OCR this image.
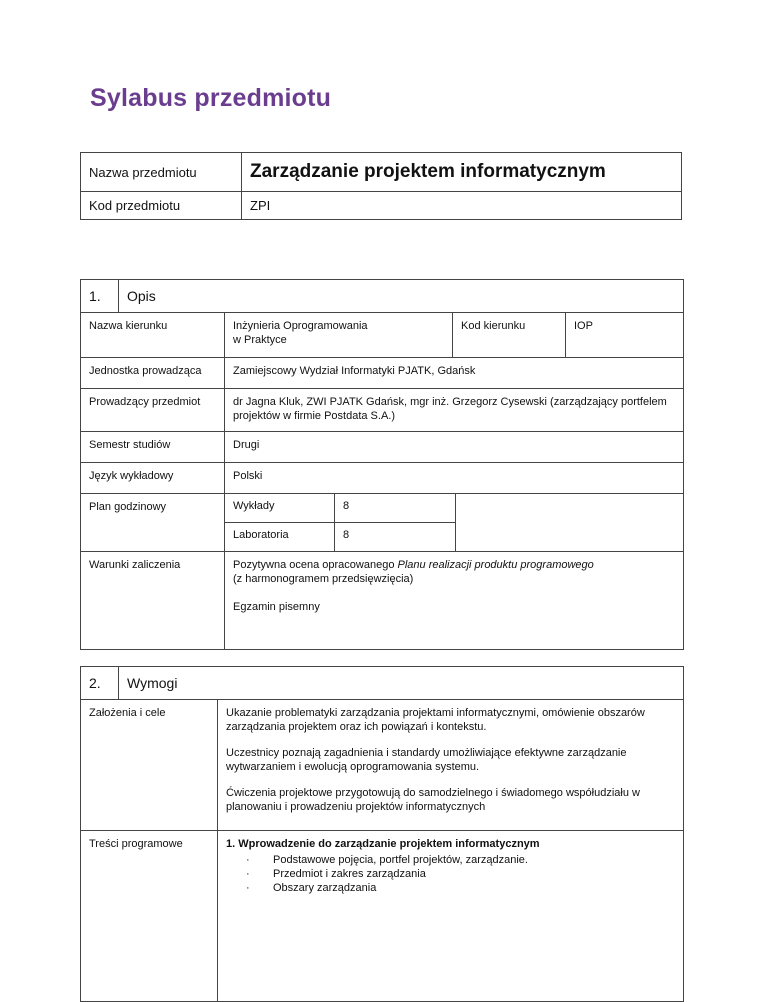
Sylabus przedmiotu
Nazwa przedmiotu	Zarządzanie projektem informatycznym
Kod przedmiotu	ZPI
1.	Opis
Nazwa kierunku	Inżynieria Oprogramowania
w Praktyce
Kod kierunku	IOP
Jednostka prowadząca	Zamiejscowy Wydział Informatyki PJATK, Gdańsk
Prowadzący przedmiot	dr Jagna Kluk, ZWI PJATK Gdańsk, mgr inż. Grzegorz Cysewski (zarządzający portfelem projektów w firmie Postdata S.A.)
Semestr studiów	Drugi
Język wykładowy	Polski
Plan godzinowy	Wykłady	8
Laboratoria	8
Warunki zaliczenia	Pozytywna ocena opracowanego Planu realizacji produktu programowego
(z harmonogramem przedsięwzięcia)
Egzamin pisemny
2.	Wymogi
Założenia i cele	Ukazanie problematyki zarządzania projektami informatycznymi, omówienie obszarów zarządzania projektem oraz ich powiązań i kontekstu.

Uczestnicy poznają zagadnienia i standardy umożliwiające efektywne zarządzanie wytwarzaniem i ewolucją oprogramowania systemu.

Ćwiczenia projektowe przygotowują do samodzielnego i świadomego współudziału w planowaniu i prowadzeniu projektów informatycznych

Treści programowe	1. Wprowadzenie do zarządzanie projektem informatycznym
· Podstawowe pojęcia, portfel projektów, zarządzanie.
· Przedmiot i zakres zarządzania
· Obszary zarządzania
